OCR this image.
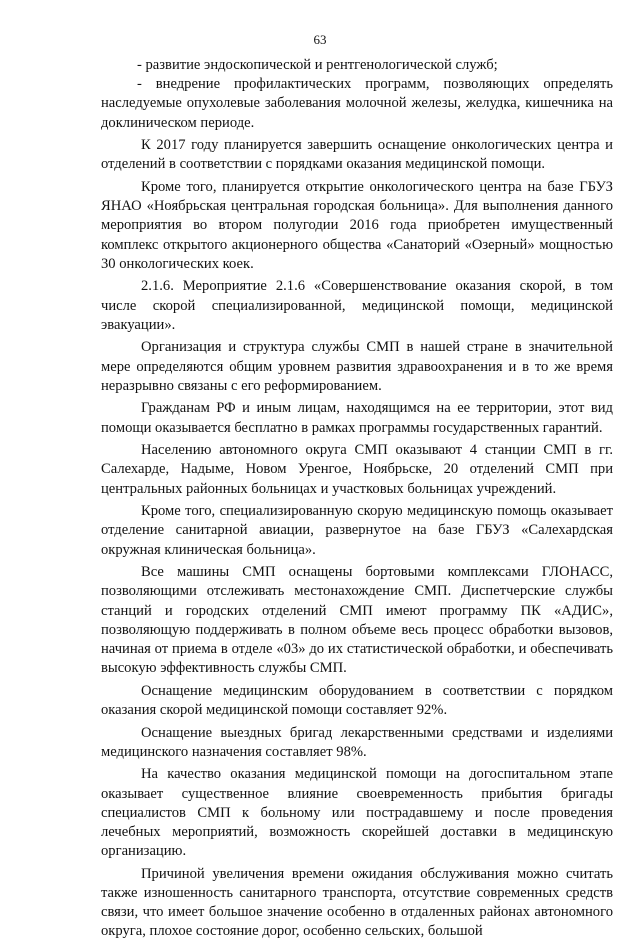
63

- развитие эндоскопической и рентгенологической служб;

- внедрение профилактических программ, позволяющих определять наследуемые опухолевые заболевания молочной железы, желудка, кишечника на доклиническом периоде.

К 2017 году планируется завершить оснащение онкологических центра и отделений в соответствии с порядками оказания медицинской помощи.

Кроме того, планируется открытие онкологического центра на базе ГБУЗ ЯНАО «Ноябрьская центральная городская больница». Для выполнения данного мероприятия во втором полугодии 2016 года приобретен имущественный комплекс открытого акционерного общества «Санаторий «Озерный» мощностью 30 онкологических коек.

2.1.6. Мероприятие 2.1.6 «Совершенствование оказания скорой, в том числе скорой специализированной, медицинской помощи, медицинской эвакуации».

Организация и структура службы СМП в нашей стране в значительной мере определяются общим уровнем развития здравоохранения и в то же время неразрывно связаны с его реформированием.

Гражданам РФ и иным лицам, находящимся на ее территории, этот вид помощи оказывается бесплатно в рамках программы государственных гарантий.

Населению автономного округа СМП оказывают 4 станции СМП в гг. Салехарде, Надыме, Новом Уренгое, Ноябрьске, 20 отделений СМП при центральных районных больницах и участковых больницах учреждений.

Кроме того, специализированную скорую медицинскую помощь оказывает отделение санитарной авиации, развернутое на базе ГБУЗ «Салехардская окружная клиническая больница».

Все машины СМП оснащены бортовыми комплексами ГЛОНАСС, позволяющими отслеживать местонахождение СМП. Диспетчерские службы станций и городских отделений СМП имеют программу ПК «АДИС», позволяющую поддерживать в полном объеме весь процесс обработки вызовов, начиная от приема в отделе «03» до их статистической обработки, и обеспечивать высокую эффективность службы СМП.

Оснащение медицинским оборудованием в соответствии с порядком оказания скорой медицинской помощи составляет 92%.

Оснащение выездных бригад лекарственными средствами и изделиями медицинского назначения составляет 98%.

На качество оказания медицинской помощи на догоспитальном этапе оказывает существенное влияние своевременность прибытия бригады специалистов СМП к больному или пострадавшему и после проведения лечебных мероприятий, возможность скорейшей доставки в медицинскую организацию.

Причиной увеличения времени ожидания обслуживания можно считать также изношенность санитарного транспорта, отсутствие современных средств связи, что имеет большое значение особенно в отдаленных районах автономного округа, плохое состояние дорог, особенно сельских, большой
